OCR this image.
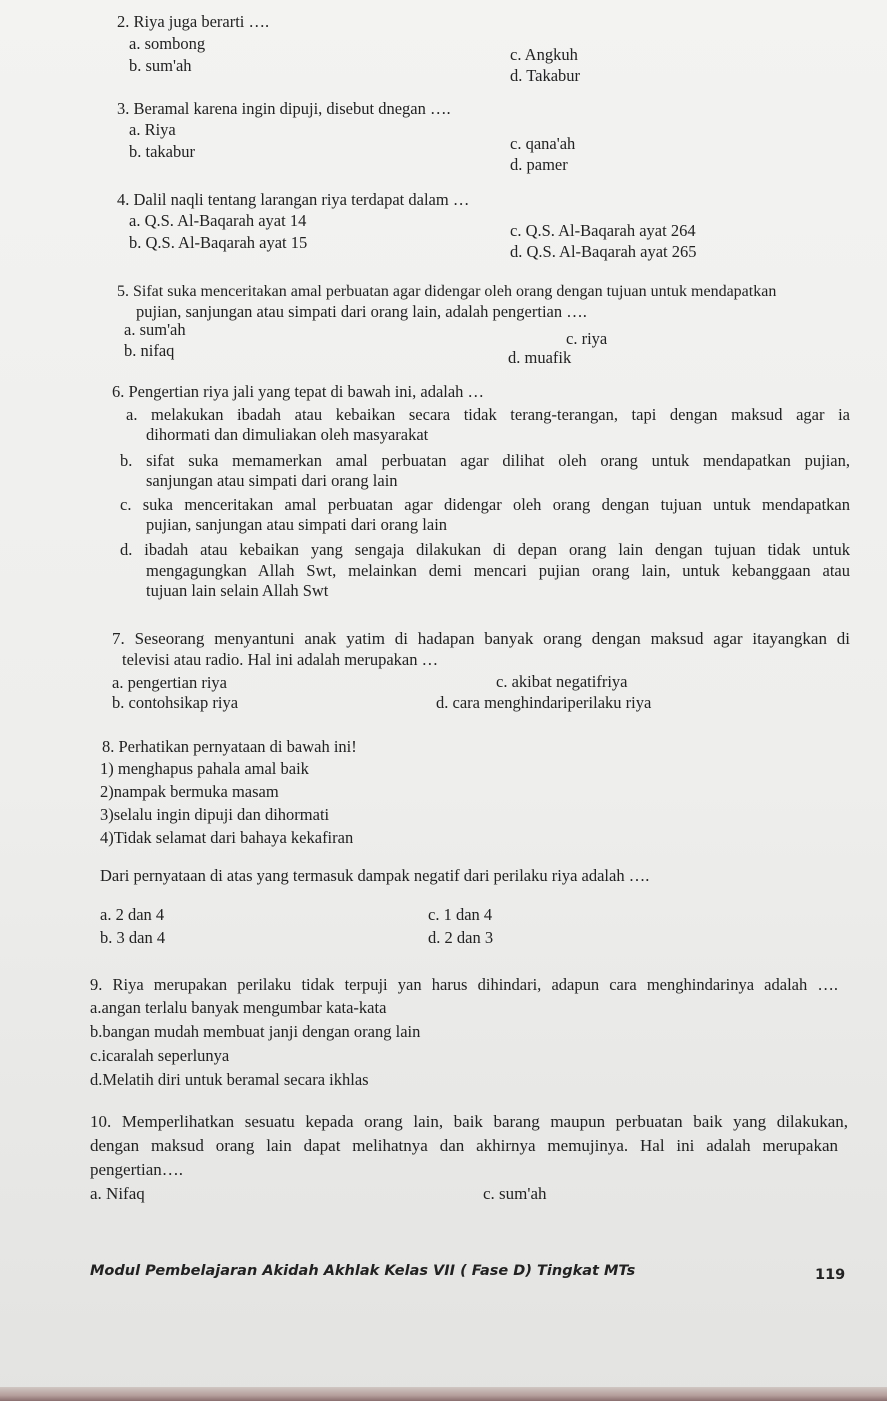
2. Riya juga berarti ….
a. sombong
b. sum'ah
c. Angkuh
d. Takabur
3. Beramal karena ingin dipuji, disebut dnegan ….
a. Riya
b. takabur	c. qana'ah
d. pamer
4. Dalil naqli tentang larangan riya terdapat dalam …
a. Q.S. Al-Baqarah ayat 14
b. Q.S. Al-Baqarah ayat 15
c. Q.S. Al-Baqarah ayat 264
d. Q.S. Al-Baqarah ayat 265
5. Sifat suka menceritakan amal perbuatan agar didengar oleh orang dengan tujuan untuk mendapatkan
pujian, sanjungan atau simpati dari orang lain, adalah pengertian ….
a. sum'ah
b. nifaq
c. riya
d. muafik
6. Pengertian riya jali yang tepat di bawah ini, adalah …
a. melakukan ibadah atau kebaikan secara tidak terang-terangan, tapi dengan maksud agar ia
dihormati dan dimuliakan oleh masyarakat
b. sifat suka memamerkan amal perbuatan agar dilihat oleh orang untuk mendapatkan pujian,
sanjungan atau simpati dari orang lain
c. suka menceritakan amal perbuatan agar didengar oleh orang dengan tujuan untuk mendapatkan
pujian, sanjungan atau simpati dari orang lain
d. ibadah atau kebaikan yang sengaja dilakukan di depan orang lain dengan tujuan tidak untuk
mengagungkan Allah Swt, melainkan demi mencari pujian orang lain, untuk kebanggaan atau
tujuan lain selain Allah Swt
7. Seseorang menyantuni anak yatim di hadapan banyak orang dengan maksud agar itayangkan di
televisi atau radio. Hal ini adalah merupakan …
a. pengertian riya
b. contohsikap riya
c. akibat negatifriya
d. cara menghindariperilaku riya
8. Perhatikan pernyataan di bawah ini!
1) menghapus pahala amal baik
2)nampak bermuka masam
3)selalu ingin dipuji dan dihormati
4)Tidak selamat dari bahaya kekafiran
Dari pernyataan di atas yang termasuk dampak negatif dari perilaku riya adalah ….
a. 2 dan 4
b. 3 dan 4
c. 1 dan 4
d. 2 dan 3
9. Riya merupakan perilaku tidak terpuji yan harus dihindari, adapun cara menghindarinya adalah ….
a.angan terlalu banyak mengumbar kata-kata
b.bangan mudah membuat janji dengan orang lain
c.icaralah seperlunya
d.Melatih diri untuk beramal secara ikhlas
10. Memperlihatkan sesuatu kepada orang lain, baik barang maupun perbuatan baik yang dilakukan,
dengan maksud orang lain dapat melihatnya dan akhirnya memujinya. Hal ini adalah merupakan
pengertian….
a. Nifaq	c. sum'ah
Modul Pembelajaran Akidah Akhlak Kelas VII ( Fase D) Tingkat MTs	119
